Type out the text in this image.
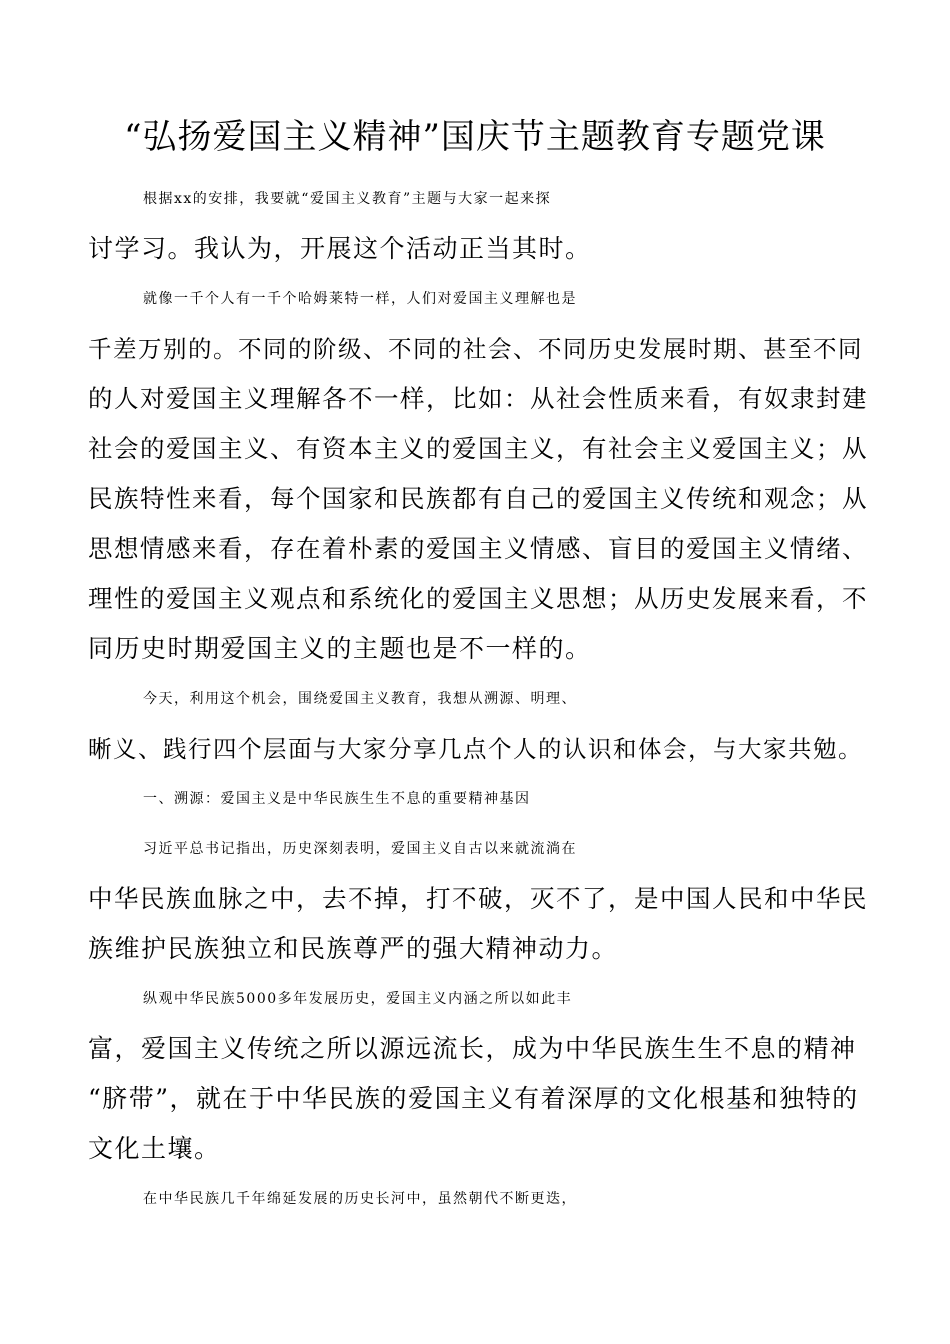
“弘扬爱国主义精神”国庆节主题教育专题党课
根据xx的安排，我要就“爱国主义教育”主题与大家一起来探
讨学习。我认为，开展这个活动正当其时。
就像一千个人有一千个哈姆莱特一样，人们对爱国主义理解也是
千差万别的。不同的阶级、不同的社会、不同历史发展时期、甚至不同
的人对爱国主义理解各不一样，比如：从社会性质来看，有奴隶封建
社会的爱国主义、有资本主义的爱国主义，有社会主义爱国主义；从
民族特性来看，每个国家和民族都有自己的爱国主义传统和观念；从
思想情感来看，存在着朴素的爱国主义情感、盲目的爱国主义情绪、
理性的爱国主义观点和系统化的爱国主义思想；从历史发展来看，不
同历史时期爱国主义的主题也是不一样的。
今天，利用这个机会，围绕爱国主义教育，我想从溯源、明理、
晰义、践行四个层面与大家分享几点个人的认识和体会，与大家共勉。
一、溯源：爱国主义是中华民族生生不息的重要精神基因
习近平总书记指出，历史深刻表明，爱国主义自古以来就流淌在
中华民族血脉之中，去不掉，打不破，灭不了，是中国人民和中华民
族维护民族独立和民族尊严的强大精神动力。
纵观中华民族5000多年发展历史，爱国主义内涵之所以如此丰
富，爱国主义传统之所以源远流长，成为中华民族生生不息的精神
“脐带”，就在于中华民族的爱国主义有着深厚的文化根基和独特的
文化土壤。
在中华民族几千年绵延发展的历史长河中，虽然朝代不断更迭，
